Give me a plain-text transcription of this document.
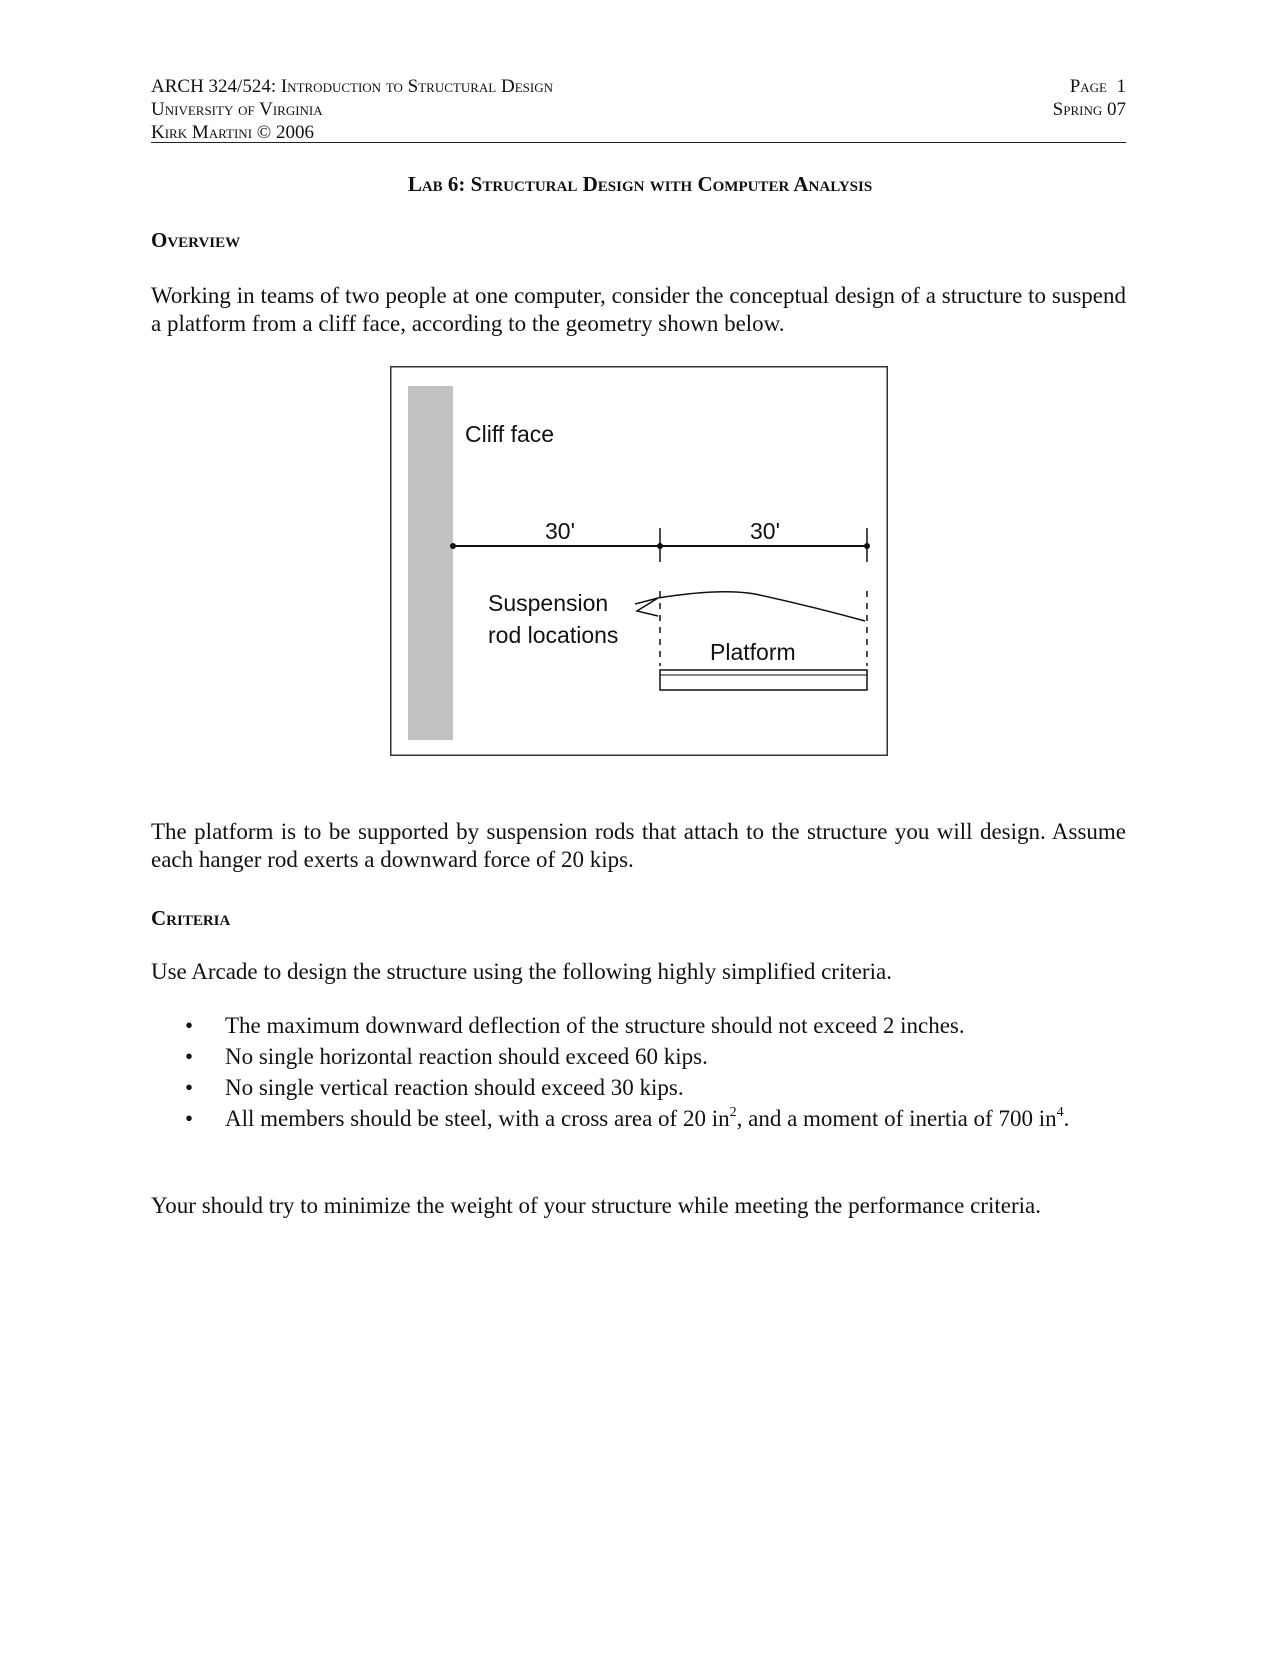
ARCH 324/524: Introduction to Structural Design
University of Virginia
Kirk Martini © 2006
Page 1
Spring 07
Lab 6: Structural Design with Computer Analysis
Overview

Working in teams of two people at one computer, consider the conceptual design of a structure to suspend a platform from a cliff face, according to the geometry shown below.

Cliff face
30'	30'
Suspension
rod locations
Platform

The platform is to be supported by suspension rods that attach to the structure you will design. Assume each hanger rod exerts a downward force of 20 kips.

Criteria

Use Arcade to design the structure using the following highly simplified criteria.

• The maximum downward deflection of the structure should not exceed 2 inches.
• No single horizontal reaction should exceed 60 kips.
• No single vertical reaction should exceed 30 kips.
• All members should be steel, with a cross area of 20 $in^2$, and a moment of inertia of 700 $in^4$.

Your should try to minimize the weight of your structure while meeting the performance criteria.
